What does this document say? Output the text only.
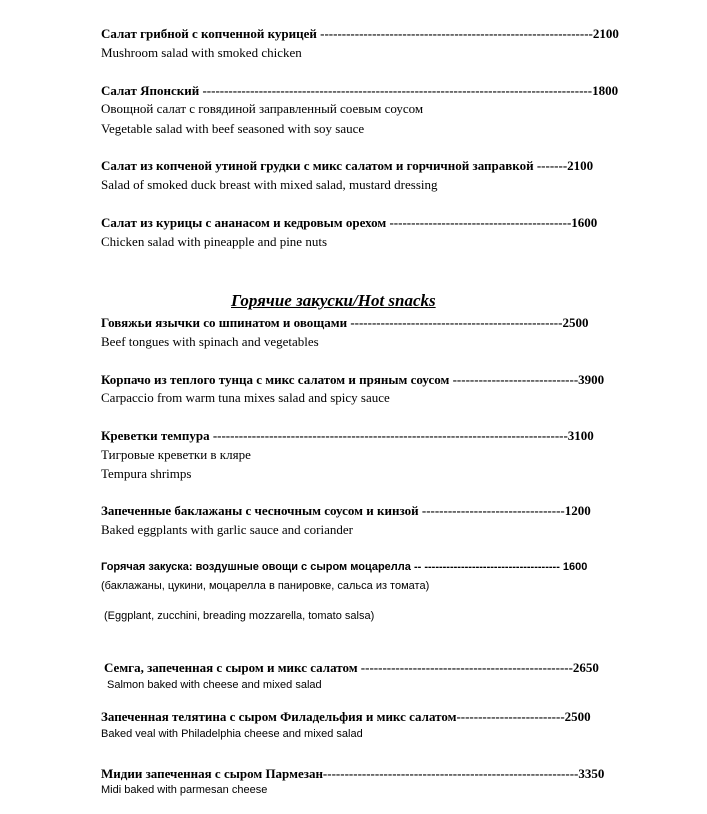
Салат грибной с копченной курицей ---------------------------------------------------------------2100
Mushroom salad with smoked chicken
Салат Японский ------------------------------------------------------------------------------------------1800
Овощной салат с говядиной заправленный соевым соусом
Vegetable salad with beef seasoned with soy sauce
Салат из копченой утиной грудки с микс салатом и горчичной заправкой -------2100
Salad of smoked duck breast with mixed salad, mustard dressing
Салат из курицы с ананасом и кедровым орехом ------------------------------------------1600
Chicken salad with pineapple and pine nuts
Горячие закуски/Hot snacks
Говяжьи язычки со шпинатом и овощами -------------------------------------------------2500
Beef tongues with spinach and vegetables
Корпачо из теплого тунца с микс салатом и пряным соусом -----------------------------3900
Carpaccio from warm tuna mixes salad and spicy sauce
Креветки темпура ----------------------------------------------------------------------------------3100
Тигровые креветки в кляре
Tempura shrimps
Запеченные баклажаны с чесночным соусом и кинзой ---------------------------------1200
Baked eggplants with garlic sauce and coriander
Горячая закуска: воздушные овощи с сыром моцарелла -- ------------------------------------- 1600
(баклажаны, цукини, моцарелла в панировке, сальса из томата)
(Eggplant, zucchini, breading mozzarella, tomato salsa)
Семга, запеченная с сыром и микс салатом -------------------------------------------------2650
Salmon baked with cheese and mixed salad
Запеченная телятина с сыром Филадельфия и микс салатом-------------------------2500
Baked veal with Philadelphia cheese and mixed salad
Мидии запеченная с сыром Пармезан-----------------------------------------------------------3350
Midi baked with parmesan cheese
